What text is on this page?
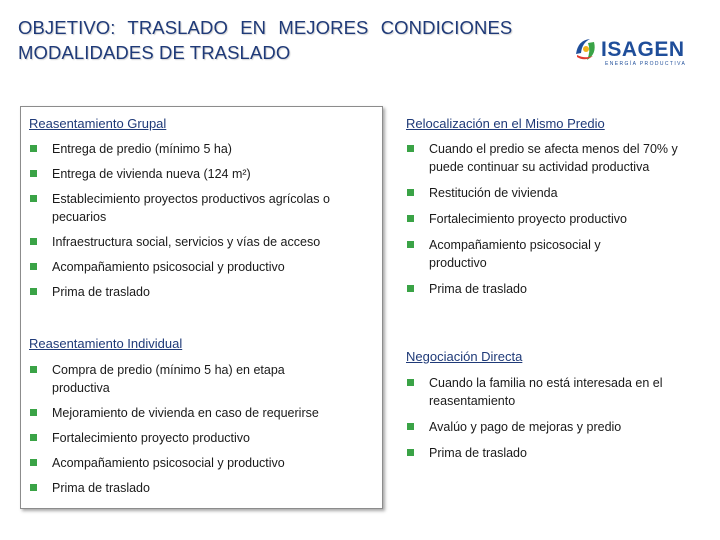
OBJETIVO: TRASLADO EN MEJORES CONDICIONES
MODALIDADES DE TRASLADO	ISAGEN
ENERGÍA PRODUCTIVA
Reasentamiento Grupal
Entrega de predio (mínimo 5 ha)
Entrega de vivienda nueva (124 m²)
Establecimiento proyectos productivos agrícolas o pecuarios
Infraestructura social, servicios y vías de acceso
Acompañamiento psicosocial y productivo
Prima de traslado
Reasentamiento Individual
Compra de predio (mínimo 5 ha) en etapa productiva
Mejoramiento de vivienda en caso de requerirse
Fortalecimiento proyecto productivo
Acompañamiento psicosocial y productivo
Prima de traslado
Relocalización en el Mismo Predio
Cuando el predio se afecta menos del 70% y puede continuar su actividad productiva
Restitución de vivienda
Fortalecimiento proyecto productivo
Acompañamiento psicosocial y productivo
Prima de traslado
Negociación Directa
Cuando la familia no está interesada en el reasentamiento
Avalúo y pago de mejoras y predio
Prima de traslado
